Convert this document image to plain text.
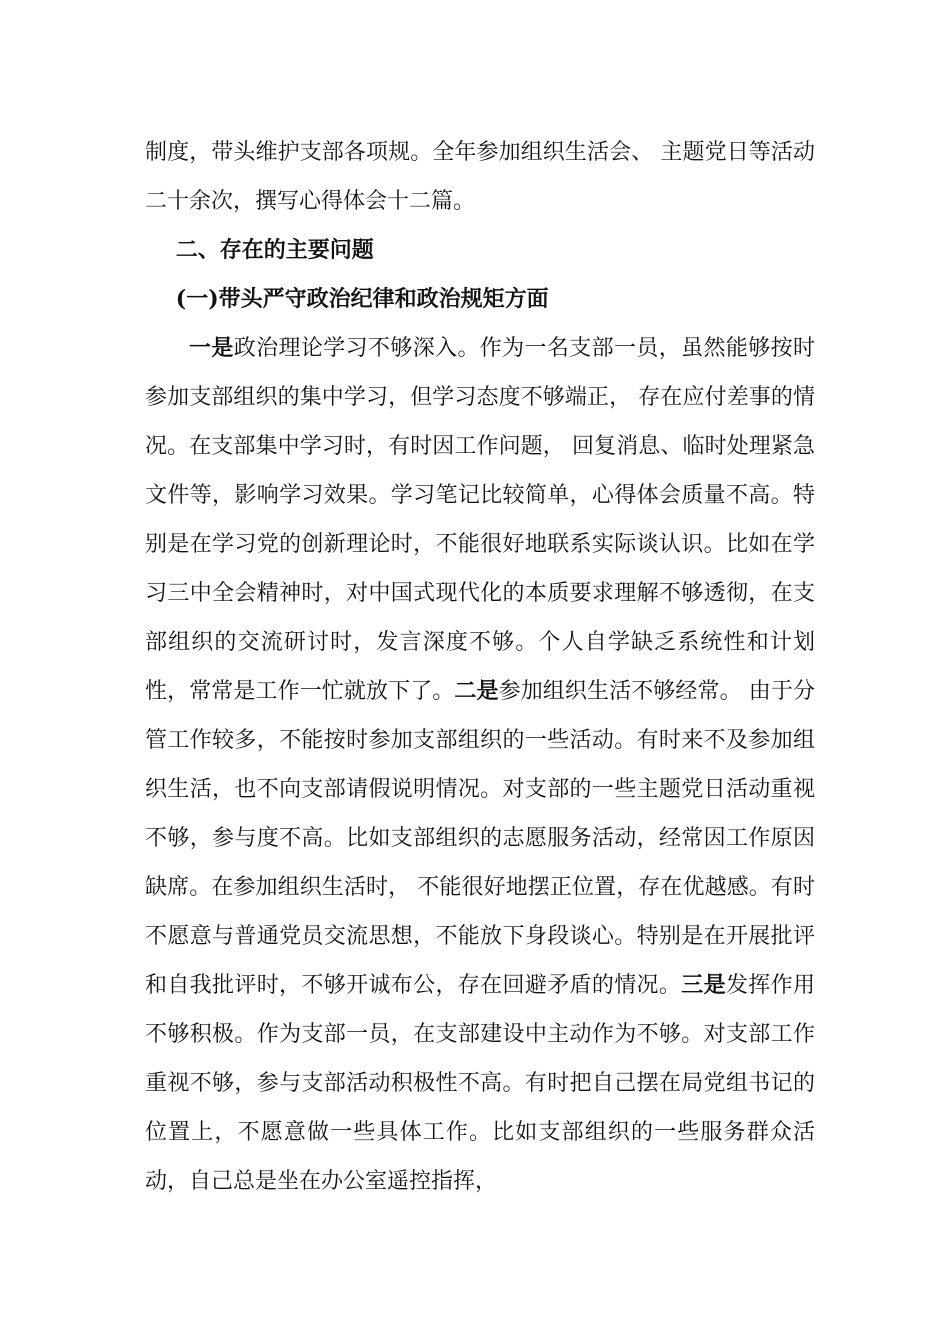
制度，带头维护支部各项规。全年参加组织生活会、 主题党日等活动二十余次，撰写心得体会十二篇。

二、存在的主要问题

(一)带头严守政治纪律和政治规矩方面

一是政治理论学习不够深入。作为一名支部一员，虽然能够按时参加支部组织的集中学习，但学习态度不够端正， 存在应付差事的情况。在支部集中学习时，有时因工作问题， 回复消息、临时处理紧急文件等，影响学习效果。学习笔记比较简单，心得体会质量不高。特别是在学习党的创新理论时，不能很好地联系实际谈认识。比如在学习三中全会精神时，对中国式现代化的本质要求理解不够透彻，在支部组织的交流研讨时，发言深度不够。个人自学缺乏系统性和计划性，常常是工作一忙就放下了。二是参加组织生活不够经常。 由于分管工作较多，不能按时参加支部组织的一些活动。有时来不及参加组织生活，也不向支部请假说明情况。对支部的一些主题党日活动重视不够，参与度不高。比如支部组织的志愿服务活动，经常因工作原因缺席。在参加组织生活时， 不能很好地摆正位置，存在优越感。有时不愿意与普通党员交流思想，不能放下身段谈心。特别是在开展批评和自我批评时，不够开诚布公，存在回避矛盾的情况。三是发挥作用不够积极。作为支部一员，在支部建设中主动作为不够。对支部工作重视不够，参与支部活动积极性不高。有时把自己摆在局党组书记的位置上，不愿意做一些具体工作。比如支部组织的一些服务群众活动，自己总是坐在办公室遥控指挥，
